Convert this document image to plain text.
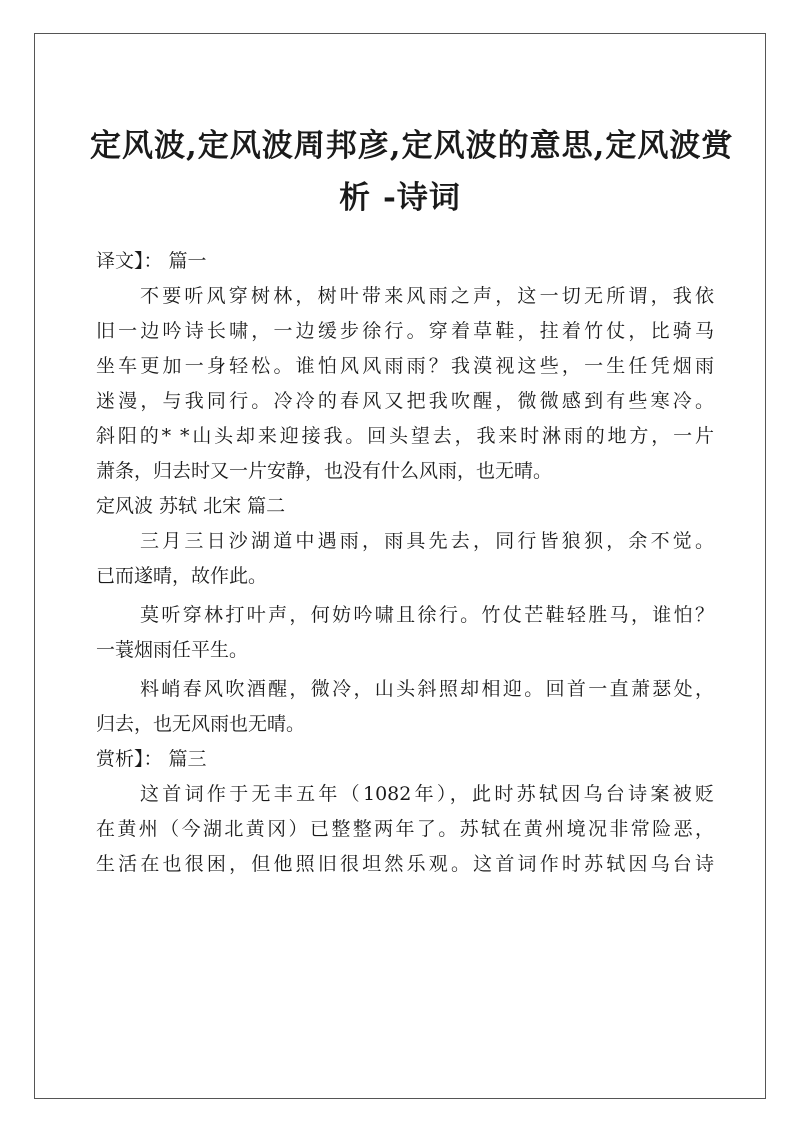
定风波,定风波周邦彦,定风波的意思,定风波赏
析 -诗词
译文】： 篇一

不要听风穿树林，树叶带来风雨之声，这一切无所谓，我依
旧一边吟诗长啸，一边缓步徐行。穿着草鞋，拄着竹仗，比骑马
坐车更加一身轻松。谁怕风风雨雨？我漠视这些，一生任凭烟雨
迷漫，与我同行。冷冷的春风又把我吹醒，微微感到有些寒冷。
斜阳的* *山头却来迎接我。回头望去，我来时淋雨的地方，一片
萧条，归去时又一片安静，也没有什么风雨，也无晴。

定风波 苏轼 北宋 篇二

三月三日沙湖道中遇雨，雨具先去，同行皆狼狈，余不觉。
已而遂晴，故作此。

莫听穿林打叶声，何妨吟啸且徐行。竹仗芒鞋轻胜马，谁怕？
一蓑烟雨任平生。

料峭春风吹酒醒，微冷，山头斜照却相迎。回首一直萧瑟处，
归去，也无风雨也无晴。

赏析】： 篇三

这首词作于无丰五年（1082年），此时苏轼因乌台诗案被贬
在黄州（今湖北黄冈）已整整两年了。苏轼在黄州境况非常险恶，
生活在也很困，但他照旧很坦然乐观。这首词作时苏轼因乌台诗
